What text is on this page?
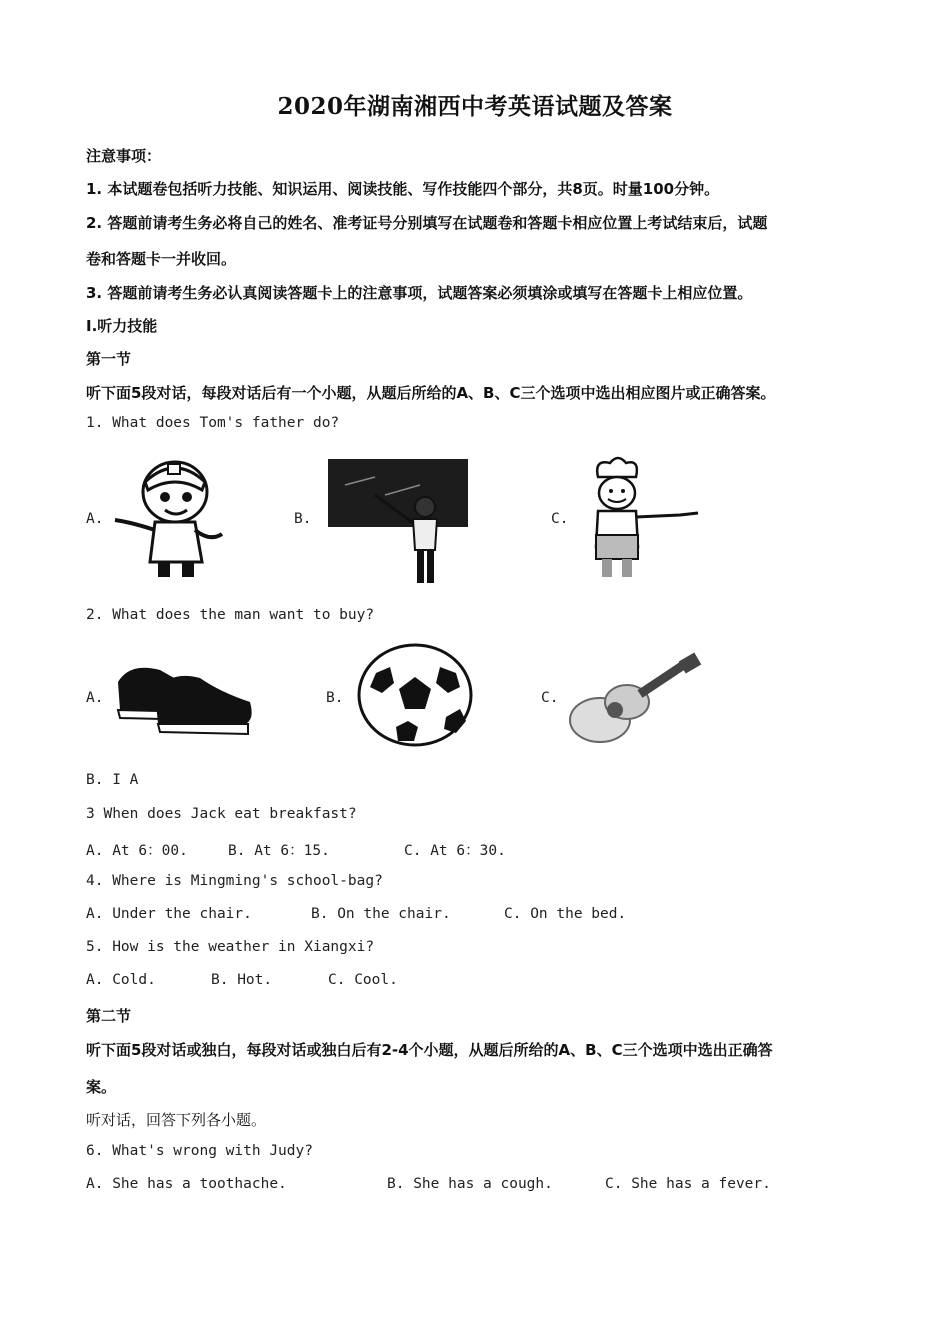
2020年湖南湘西中考英语试题及答案
注意事项：
1. 本试题卷包括听力技能、知识运用、阅读技能、写作技能四个部分，共8页。时量100分钟。
2. 答题前请考生务必将自己的姓名、准考证号分别填写在试题卷和答题卡相应位置上考试结束后，试题
卷和答题卡一并收回。
3. 答题前请考生务必认真阅读答题卡上的注意事项，试题答案必须填涂或填写在答题卡上相应位置。
I.听力技能
第一节
听下面5段对话，每段对话后有一个小题，从题后所给的A、B、C三个选项中选出相应图片或正确答案。
1. What does Tom's father do?
A.	B.	C.
2. What does the man want to buy?
A.	B.	C.
B. I A
3 When does Jack eat breakfast?
A. At 6：00.	B. At 6：15.	C. At 6：30.
4. Where is Mingming's school-bag?
A. Under the chair.	B. On the chair.	C. On the bed.
5. How is the weather in Xiangxi?
A. Cold.	B. Hot.	C. Cool.
第二节
听下面5段对话或独白，每段对话或独白后有2-4个小题，从题后所给的A、B、C三个选项中选出正确答
案。
听对话，回答下列各小题。
6. What's wrong with Judy?
A. She has a toothache.	B. She has a cough.	C. She has a fever.
